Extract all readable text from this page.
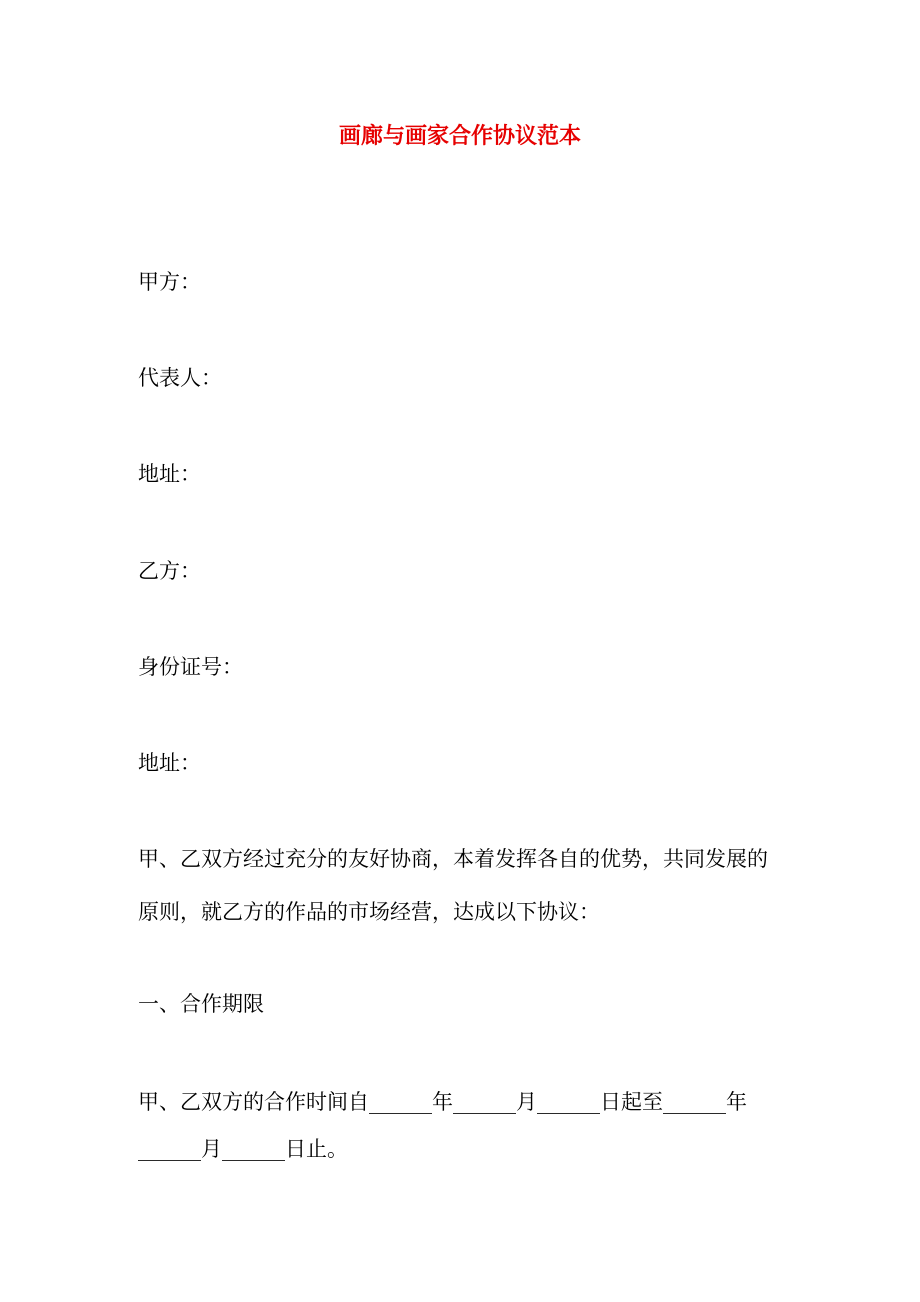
画廊与画家合作协议范本
甲方：
代表人：
地址：
乙方：
身份证号：
地址：
甲、乙双方经过充分的友好协商，本着发挥各自的优势，共同发展的
原则，就乙方的作品的市场经营，达成以下协议：
一、合作期限
甲、乙双方的合作时间自______年______月______日起至______年
______月______日止。
